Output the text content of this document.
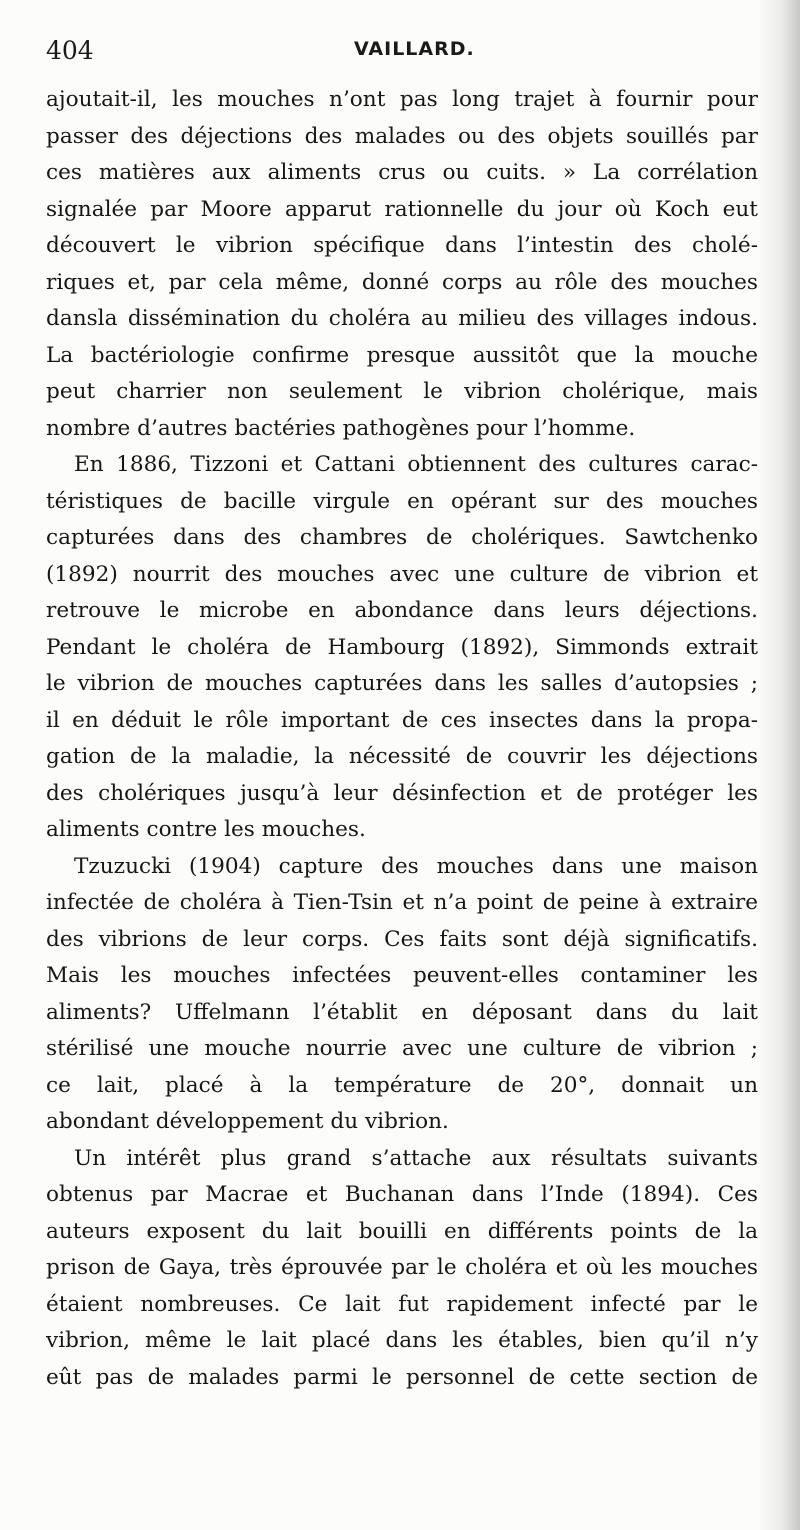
404	VAILLARD.
ajoutait-il, les mouches n’ont pas long trajet à fournir pour
passer des déjections des malades ou des objets souillés par
ces matières aux aliments crus ou cuits. » La corrélation
signalée par Moore apparut rationnelle du jour où Koch eut
découvert le vibrion spécifique dans l’intestin des cholé-
riques et, par cela même, donné corps au rôle des mouches
dansla dissémination du choléra au milieu des villages indous.
La bactériologie confirme presque aussitôt que la mouche
peut charrier non seulement le vibrion cholérique, mais
nombre d’autres bactéries pathogènes pour l’homme.
En 1886, Tizzoni et Cattani obtiennent des cultures carac-
téristiques de bacille virgule en opérant sur des mouches
capturées dans des chambres de cholériques. Sawtchenko
(1892) nourrit des mouches avec une culture de vibrion et
retrouve le microbe en abondance dans leurs déjections.
Pendant le choléra de Hambourg (1892), Simmonds extrait
le vibrion de mouches capturées dans les salles d’autopsies ;
il en déduit le rôle important de ces insectes dans la propa-
gation de la maladie, la nécessité de couvrir les déjections
des cholériques jusqu’à leur désinfection et de protéger les
aliments contre les mouches.
Tzuzucki (1904) capture des mouches dans une maison
infectée de choléra à Tien-Tsin et n’a point de peine à extraire
des vibrions de leur corps. Ces faits sont déjà significatifs.
Mais les mouches infectées peuvent-elles contaminer les
aliments? Uffelmann l’établit en déposant dans du lait
stérilisé une mouche nourrie avec une culture de vibrion ;
ce lait, placé à la température de 20°, donnait un
abondant développement du vibrion.
Un intérêt plus grand s’attache aux résultats suivants
obtenus par Macrae et Buchanan dans l’Inde (1894). Ces
auteurs exposent du lait bouilli en différents points de la
prison de Gaya, très éprouvée par le choléra et où les mouches
étaient nombreuses. Ce lait fut rapidement infecté par le
vibrion, même le lait placé dans les étables, bien qu’il n’y
eût pas de malades parmi le personnel de cette section de
